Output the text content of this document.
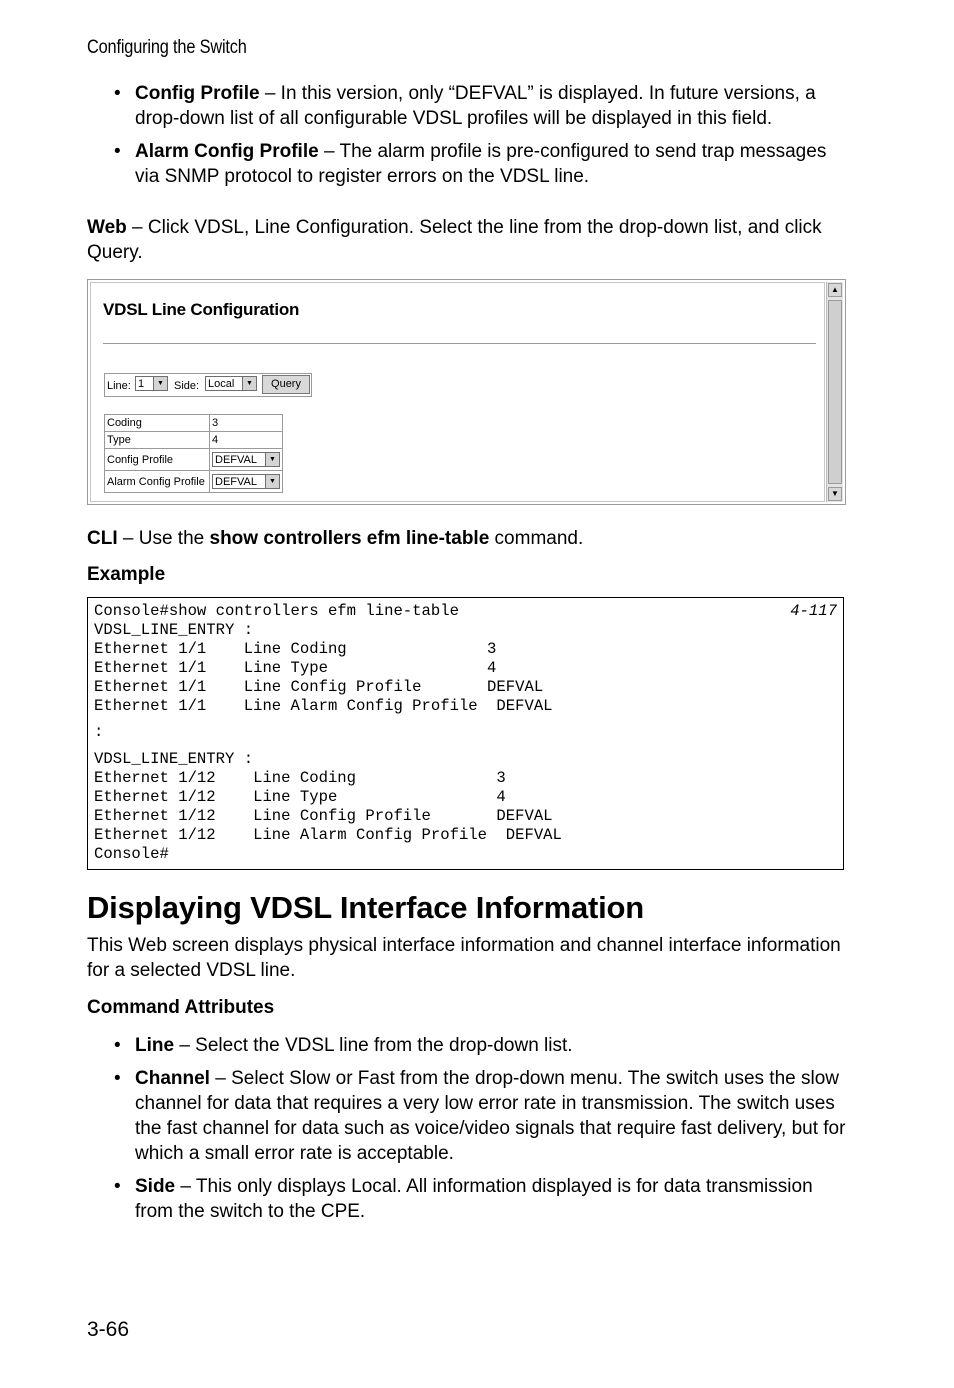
Configuring the Switch
• Config Profile – In this version, only “DEFVAL” is displayed. In future versions, a drop-down list of all configurable VDSL profiles will be displayed in this field.
• Alarm Config Profile – The alarm profile is pre-configured to send trap messages via SNMP protocol to register errors on the VDSL line.

Web – Click VDSL, Line Configuration. Select the line from the drop-down list, and click Query.

VDSL Line Configuration
Line: 1	▼ Side: Local	▼	Query
Coding	3
Type	4
Config Profile	DEFVAL ▼

Alarm Config Profile	DEFVAL ▼
▲
▼

CLI – Use the show controllers efm line-table command.

Example

4-117
Console#show controllers efm line-table
VDSL_LINE_ENTRY :
Ethernet 1/1    Line Coding               3
Ethernet 1/1    Line Type                 4
Ethernet 1/1    Line Config Profile       DEFVAL
Ethernet 1/1    Line Alarm Config Profile  DEFVAL
:
VDSL_LINE_ENTRY :
Ethernet 1/12    Line Coding               3
Ethernet 1/12    Line Type                 4
Ethernet 1/12    Line Config Profile       DEFVAL
Ethernet 1/12    Line Alarm Config Profile  DEFVAL
Console#
Displaying VDSL Interface Information

This Web screen displays physical interface information and channel interface information for a selected VDSL line.

Command Attributes

• Line – Select the VDSL line from the drop-down list.
• Channel – Select Slow or Fast from the drop-down menu. The switch uses the slow channel for data that requires a very low error rate in transmission. The switch uses the fast channel for data such as voice/video signals that require fast delivery, but for which a small error rate is acceptable.
• Side – This only displays Local. All information displayed is for data transmission from the switch to the CPE.
3-66
